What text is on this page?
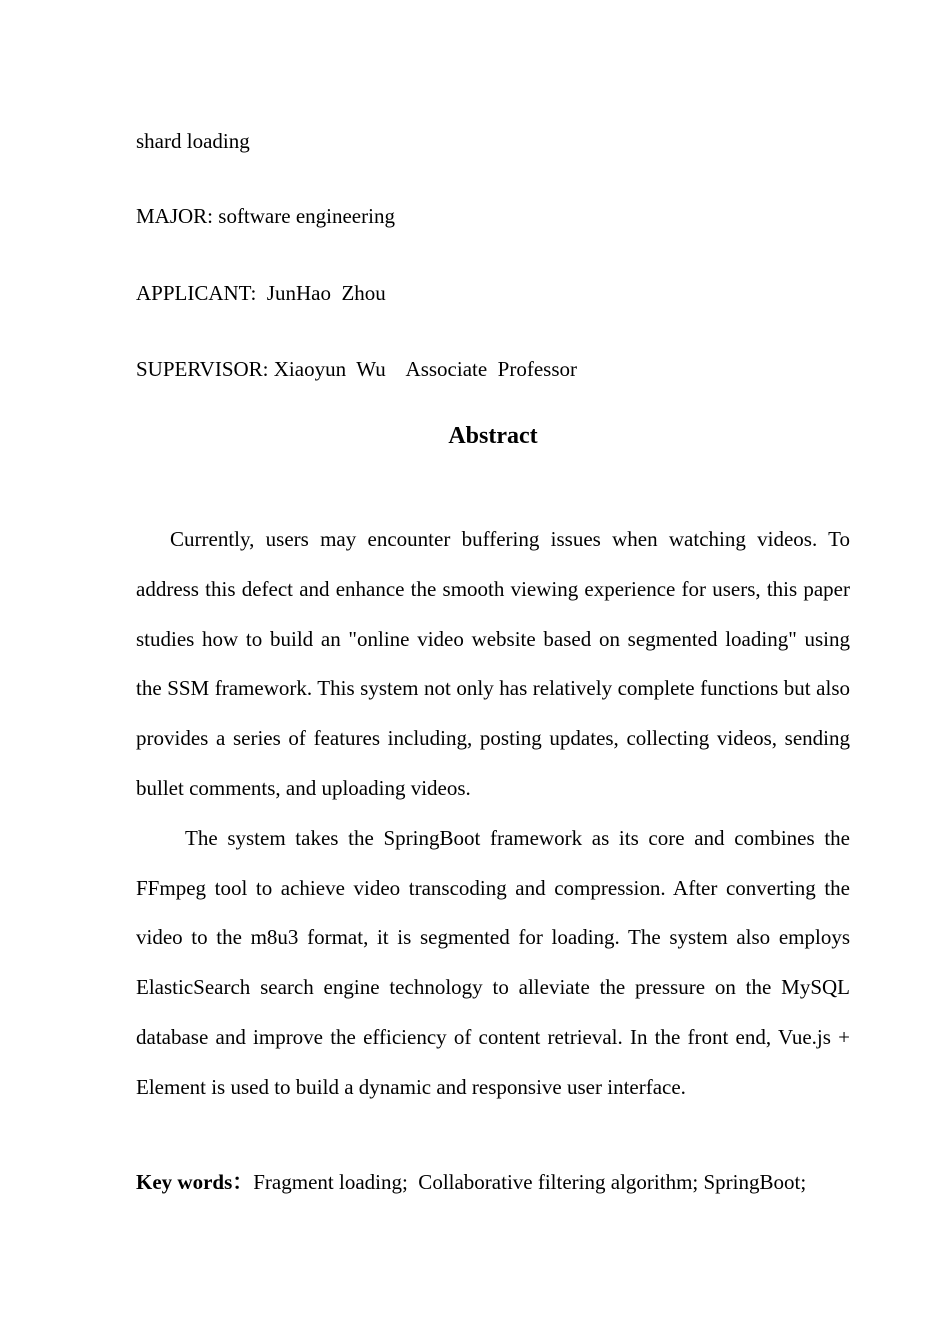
shard loading
MAJOR: software engineering
APPLICANT:  JunHao  Zhou
SUPERVISOR: Xiaoyun  Wu    Associate  Professor
Abstract

Currently, users may encounter buffering issues when watching videos. To address this defect and enhance the smooth viewing experience for users, this paper studies how to build an "online video website based on segmented loading" using the SSM framework. This system not only has relatively complete functions but also provides a series of features including, posting updates, collecting videos, sending bullet comments, and uploading videos.

The system takes the SpringBoot framework as its core and combines the FFmpeg tool to achieve video transcoding and compression. After converting the video to the m8u3 format, it is segmented for loading. The system also employs ElasticSearch search engine technology to alleviate the pressure on the MySQL database and improve the efficiency of content retrieval. In the front end, Vue.js + Element is used to build a dynamic and responsive user interface.

Key words：Fragment loading;  Collaborative filtering algorithm; SpringBoot;
